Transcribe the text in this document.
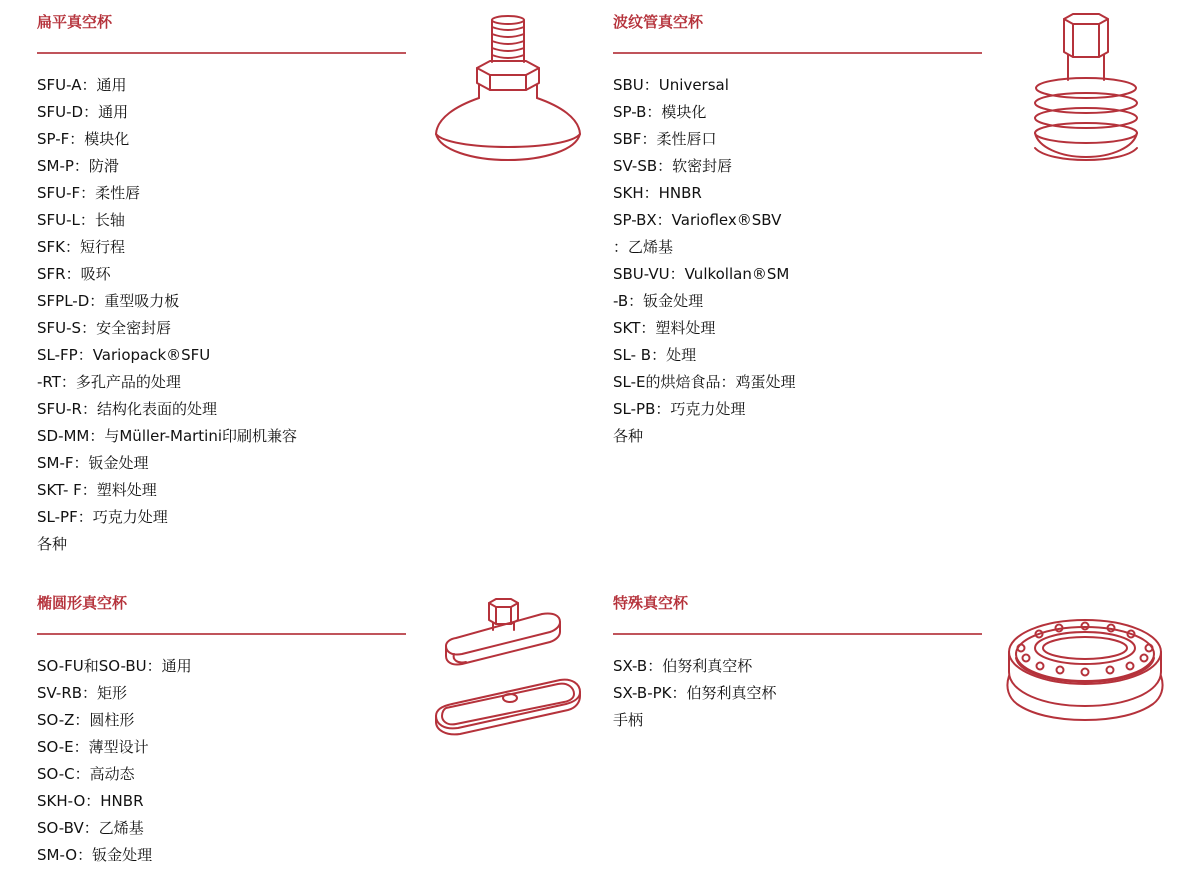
扁平真空杯
SFU-A：通用
SFU-D：通用
SP-F：模块化
SM-P：防滑
SFU-F：柔性唇
SFU-L：长轴
SFK：短行程
SFR：吸环
SFPL-D：重型吸力板
SFU-S：安全密封唇
SL-FP：Variopack®SFU
-RT：多孔产品的处理
SFU-R：结构化表面的处理
SD-MM：与Müller-Martini印刷机兼容
SM-F：钣金处理
SKT- F：塑料处理
SL-PF：巧克力处理
各种
波纹管真空杯
SBU：Universal
SP-B：模块化
SBF：柔性唇口
SV-SB：软密封唇
SKH：HNBR
SP-BX：Varioflex®SBV
：乙烯基
SBU-VU：Vulkollan®SM
-B：钣金处理
SKT：塑料处理
SL- B：处理
SL-E的烘焙食品：鸡蛋处理
SL-PB：巧克力处理
各种
椭圆形真空杯
SO-FU和SO-BU：通用
SV-RB：矩形
SO-Z：圆柱形
SO-E：薄型设计
SO-C：高动态
SKH-O：HNBR
SO-BV：乙烯基
SM-O：钣金处理
特殊真空杯
SX-B：伯努利真空杯
SX-B-PK：伯努利真空杯
手柄
